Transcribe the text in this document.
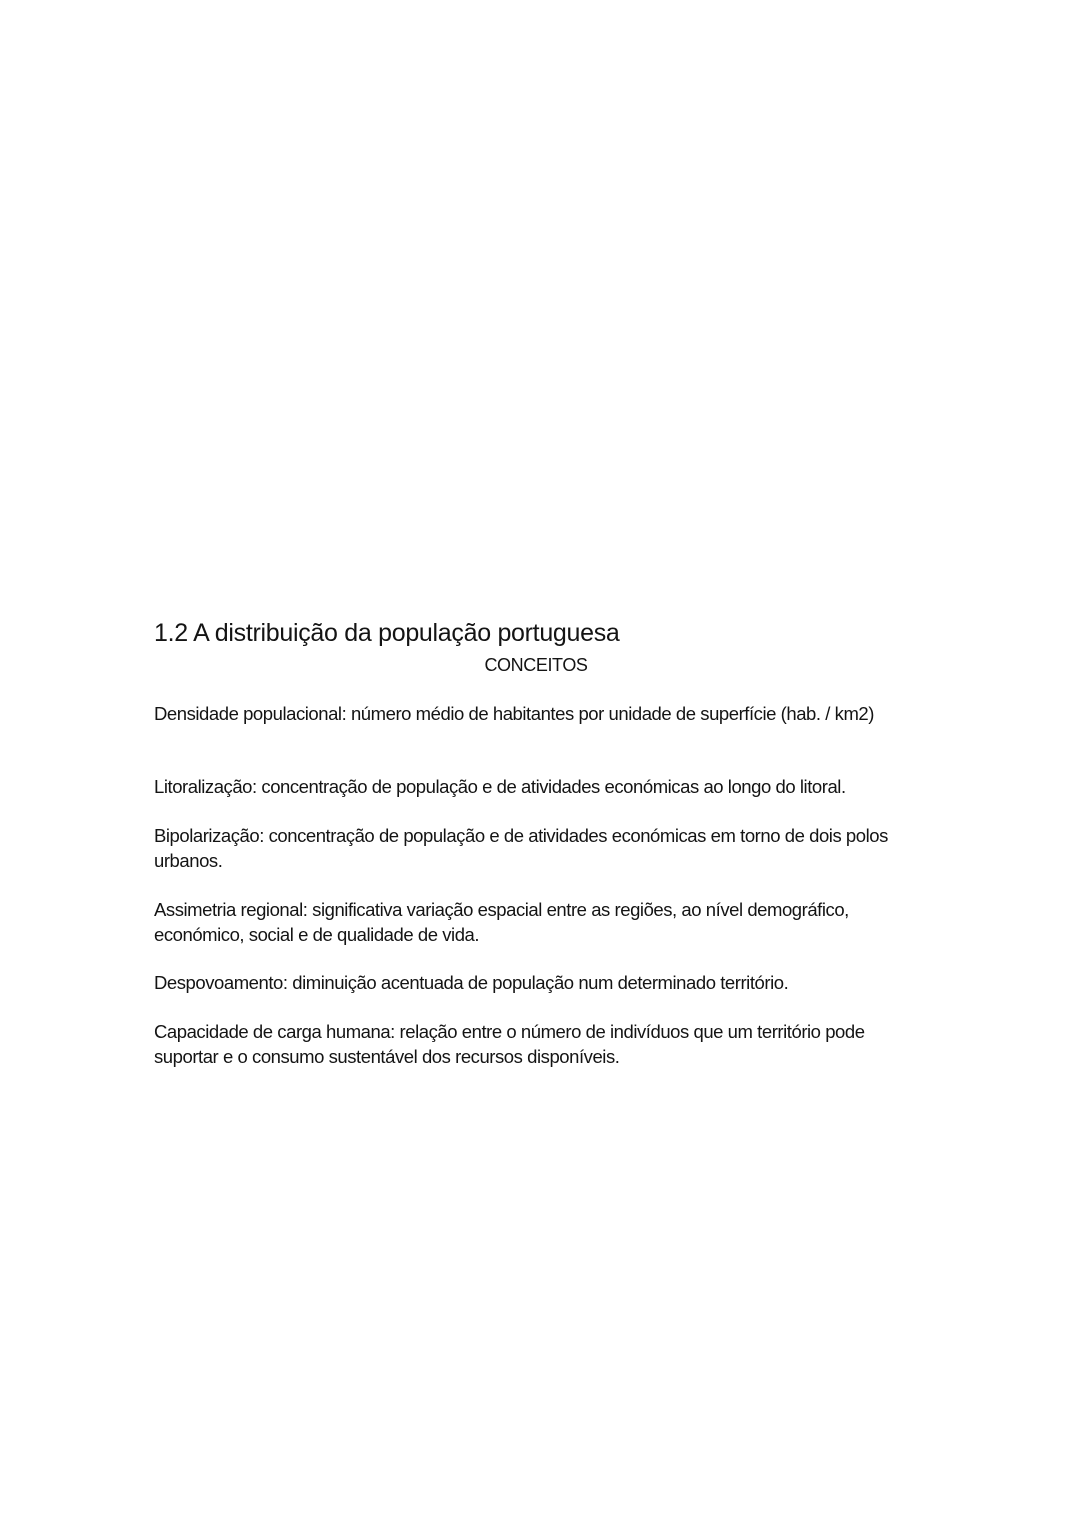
1.2 A distribuição da população portuguesa
CONCEITOS
Densidade populacional: número médio de habitantes por unidade de superfície (hab. / km2)
Litoralização: concentração de população e de atividades económicas ao longo do litoral.
Bipolarização: concentração de população e de atividades económicas em torno de dois polos urbanos.
Assimetria regional: significativa variação espacial entre as regiões, ao nível demográfico, económico, social e de qualidade de vida.
Despovoamento: diminuição acentuada de população num determinado território.
Capacidade de carga humana: relação entre o número de indivíduos que um território pode suportar e o consumo sustentável dos recursos disponíveis.
